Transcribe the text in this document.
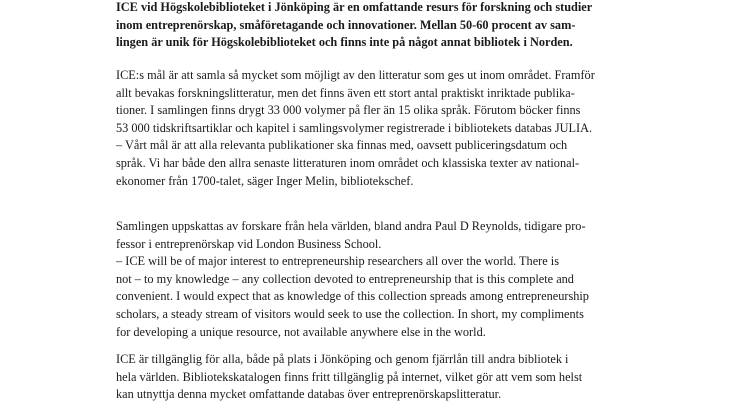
ICE vid Högskolebiblioteket i Jönköping är en omfattande resurs för forskning och studier
inom entreprenörskap, småföretagande och innovationer. Mellan 50-60 procent av sam-
lingen är unik för Högskolebiblioteket och finns inte på något annat bibliotek i Norden.

ICE:s mål är att samla så mycket som möjligt av den litteratur som ges ut inom området. Framför
allt bevakas forskningslitteratur, men det finns även ett stort antal praktiskt inriktade publika-
tioner. I samlingen finns drygt 33 000 volymer på fler än 15 olika språk. Förutom böcker finns
53 000 tidskriftsartiklar och kapitel i samlingsvolymer registrerade i bibliotekets databas JULIA.
– Vårt mål är att alla relevanta publikationer ska finnas med, oavsett publiceringsdatum och
språk. Vi har både den allra senaste litteraturen inom området och klassiska texter av national-
ekonomer från 1700-talet, säger Inger Melin, bibliotekschef.

Samlingen uppskattas av forskare från hela världen, bland andra Paul D Reynolds, tidigare pro-
fessor i entreprenörskap vid London Business School.
– ICE will be of major interest to entrepreneurship researchers all over the world. There is
not – to my knowledge – any collection devoted to entrepreneurship that is this complete and
convenient. I would expect that as knowledge of this collection spreads among entrepreneurship
scholars, a steady stream of visitors would seek to use the collection. In short, my compliments
for developing a unique resource, not available anywhere else in the world.

ICE är tillgänglig för alla, både på plats i Jönköping och genom fjärrlån till andra bibliotek i
hela världen. Bibliotekskatalogen finns fritt tillgänglig på internet, vilket gör att vem som helst
kan utnyttja denna mycket omfattande databas över entreprenörskapslitteratur.
